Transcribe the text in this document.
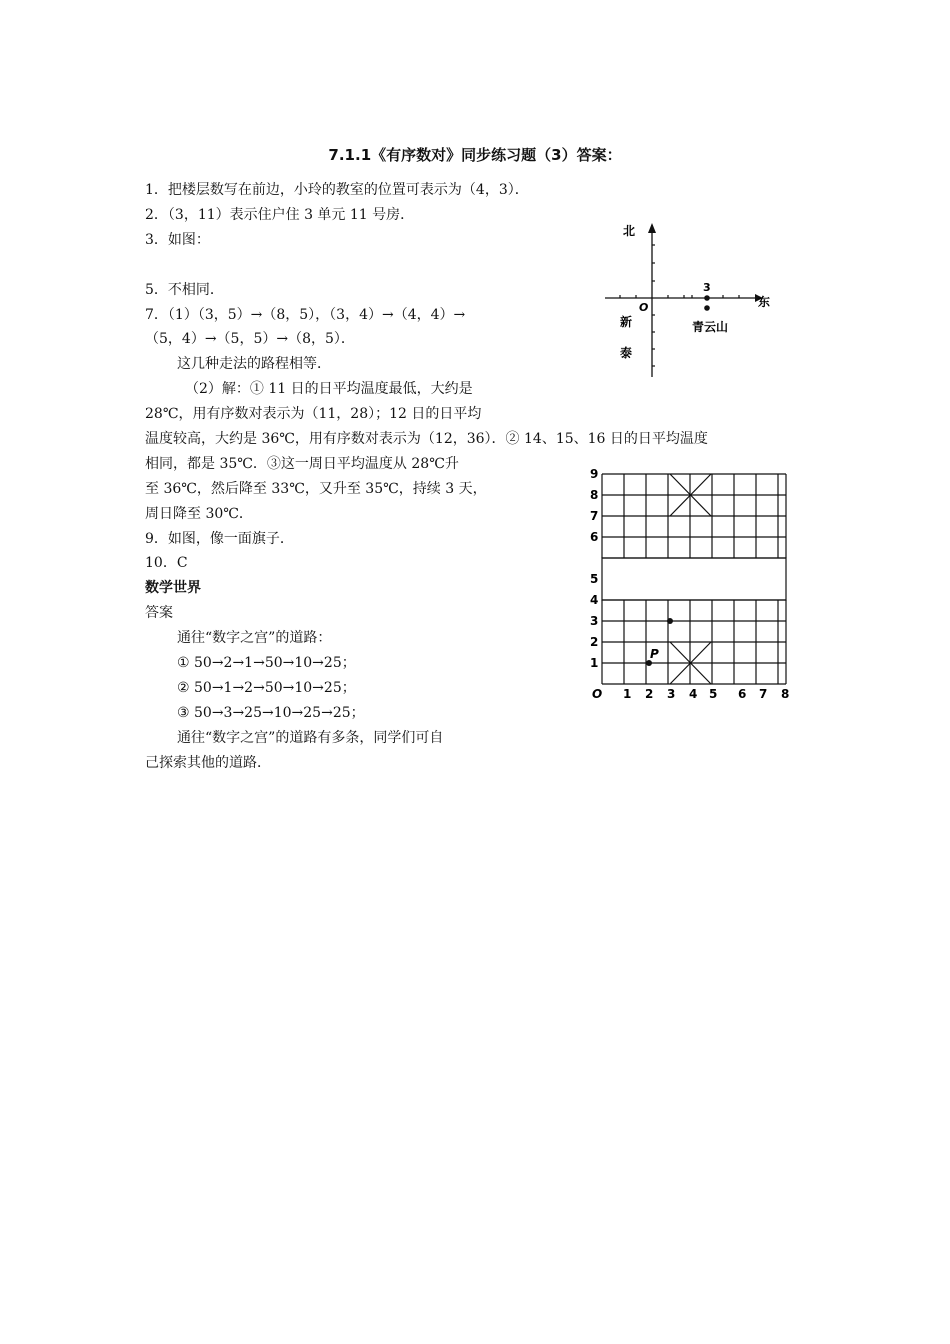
7.1.1《有序数对》同步练习题（3）答案：
1．把楼层数写在前边，小玲的教室的位置可表示为（4，3）．
2．（3，11）表示住户住 3 单元 11 号房．
3．如图：
5．不相同．
7．（1）（3，5）→（8，5），（3，4）→（4，4）→
（5，4）→（5，5）→（8，5）．
这几种走法的路程相等．
（2）解：① 11 日的日平均温度最低，大约是
28℃，用有序数对表示为（11，28）；12 日的日平均
温度较高，大约是 36℃，用有序数对表示为（12，36）．② 14、15、16 日的日平均温度
相同，都是 35℃．③这一周日平均温度从 28℃升
至 36℃，然后降至 33℃，又升至 35℃，持续 3 天，
周日降至 30℃．
9．如图，像一面旗子．
10．C
数学世界
答案
通往“数字之宫”的道路：
① 50→2→1→50→10→25；
② 50→1→2→50→10→25；
③ 50→3→25→10→25→25；
通往“数字之宫”的道路有多条，同学们可自
己探索其他的道路．
北
东
O
3
新
泰
青云山
P
1
2
3
4
5
6
7
8
9
1 2 3 4 5 6 7 8
O
